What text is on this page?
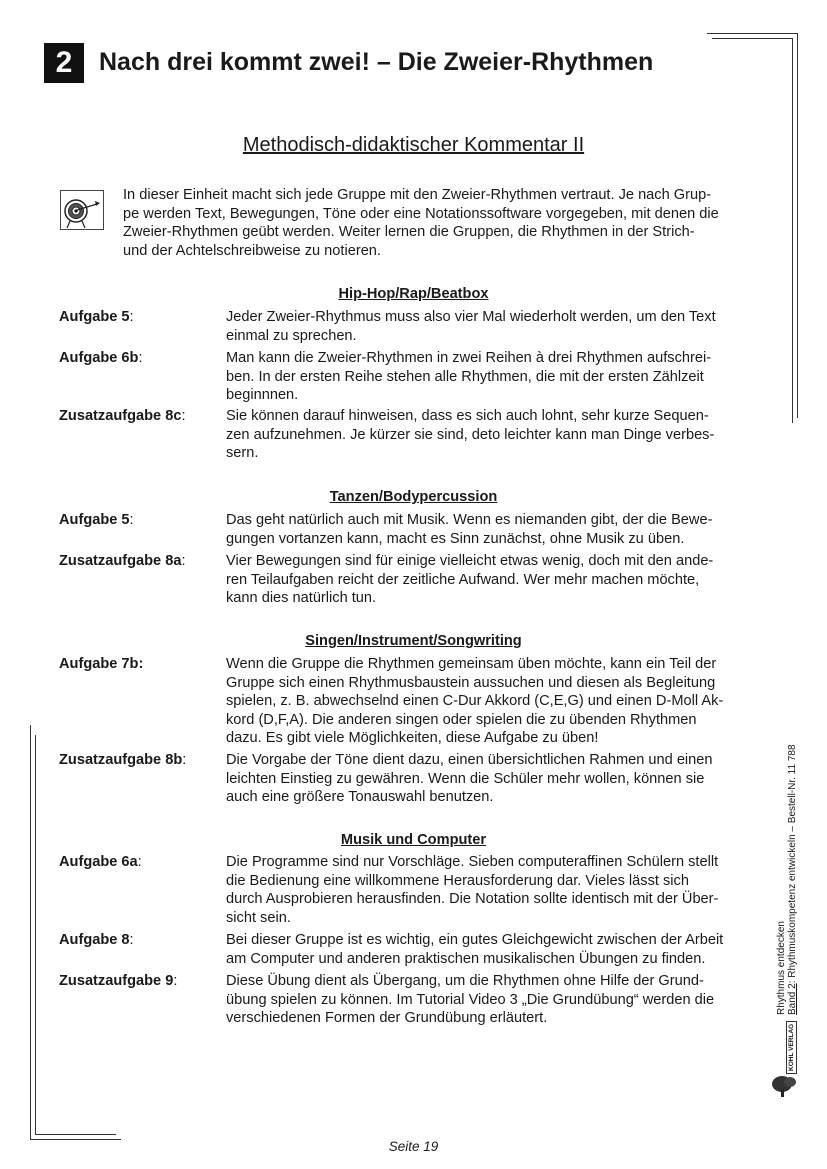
2	Nach drei kommt zwei! – Die Zweier-Rhythmen
Methodisch-didaktischer Kommentar II
In dieser Einheit macht sich jede Gruppe mit den Zweier-Rhythmen vertraut. Je nach Grup-
pe werden Text, Bewegungen, Töne oder eine Notationssoftware vorgegeben, mit denen die
Zweier-Rhythmen geübt werden. Weiter lernen die Gruppen, die Rhythmen in der Strich-
und der Achtelschreibweise zu notieren.
Hip-Hop/Rap/Beatbox
Aufgabe 5:	Jeder Zweier-Rhythmus muss also vier Mal wiederholt werden, um den Text
einmal zu sprechen.
Aufgabe 6b:	Man kann die Zweier-Rhythmen in zwei Reihen à drei Rhythmen aufschrei-
ben. In der ersten Reihe stehen alle Rhythmen, die mit der ersten Zählzeit
beginnnen.
Zusatzaufgabe 8c:	Sie können darauf hinweisen, dass es sich auch lohnt, sehr kurze Sequen-
zen aufzunehmen. Je kürzer sie sind, deto leichter kann man Dinge verbes-
sern.
Tanzen/Bodypercussion
Aufgabe 5:	Das geht natürlich auch mit Musik. Wenn es niemanden gibt, der die Bewe-
gungen vortanzen kann, macht es Sinn zunächst, ohne Musik zu üben.
Zusatzaufgabe 8a:	Vier Bewegungen sind für einige vielleicht etwas wenig, doch mit den ande-
ren Teilaufgaben reicht der zeitliche Aufwand. Wer mehr machen möchte,
kann dies natürlich tun.
Singen/Instrument/Songwriting
Aufgabe 7b:	Wenn die Gruppe die Rhythmen gemeinsam üben möchte, kann ein Teil der
Gruppe sich einen Rhythmusbaustein aussuchen und diesen als Begleitung
spielen, z. B. abwechselnd einen C-Dur Akkord (C,E,G) und einen D-Moll Ak-
kord (D,F,A). Die anderen singen oder spielen die zu übenden Rhythmen
dazu. Es gibt viele Möglichkeiten, diese Aufgabe zu üben!
Zusatzaufgabe 8b:	Die Vorgabe der Töne dient dazu, einen übersichtlichen Rahmen und einen
leichten Einstieg zu gewähren. Wenn die Schüler mehr wollen, können sie
auch eine größere Tonauswahl benutzen.
Musik und Computer
Aufgabe 6a:	Die Programme sind nur Vorschläge. Sieben computeraffinen Schülern stellt
die Bedienung eine willkommene Herausforderung dar. Vieles lässt sich
durch Ausprobieren herausfinden. Die Notation sollte identisch mit der Über-
sicht sein.
Aufgabe 8:	Bei dieser Gruppe ist es wichtig, ein gutes Gleichgewicht zwischen der Arbeit
am Computer und anderen praktischen musikalischen Übungen zu finden.
Zusatzaufgabe 9:	Diese Übung dient als Übergang, um die Rhythmen ohne Hilfe der Grund-
übung spielen zu können. Im Tutorial Video 3 „Die Grundübung“ werden die
verschiedenen Formen der Grundübung erläutert.
Rhythmus entdecken Band 2: Rhythmuskompetenz entwickeln – Bestell-Nr. 11 788
KOHL VERLAG
Seite 19
